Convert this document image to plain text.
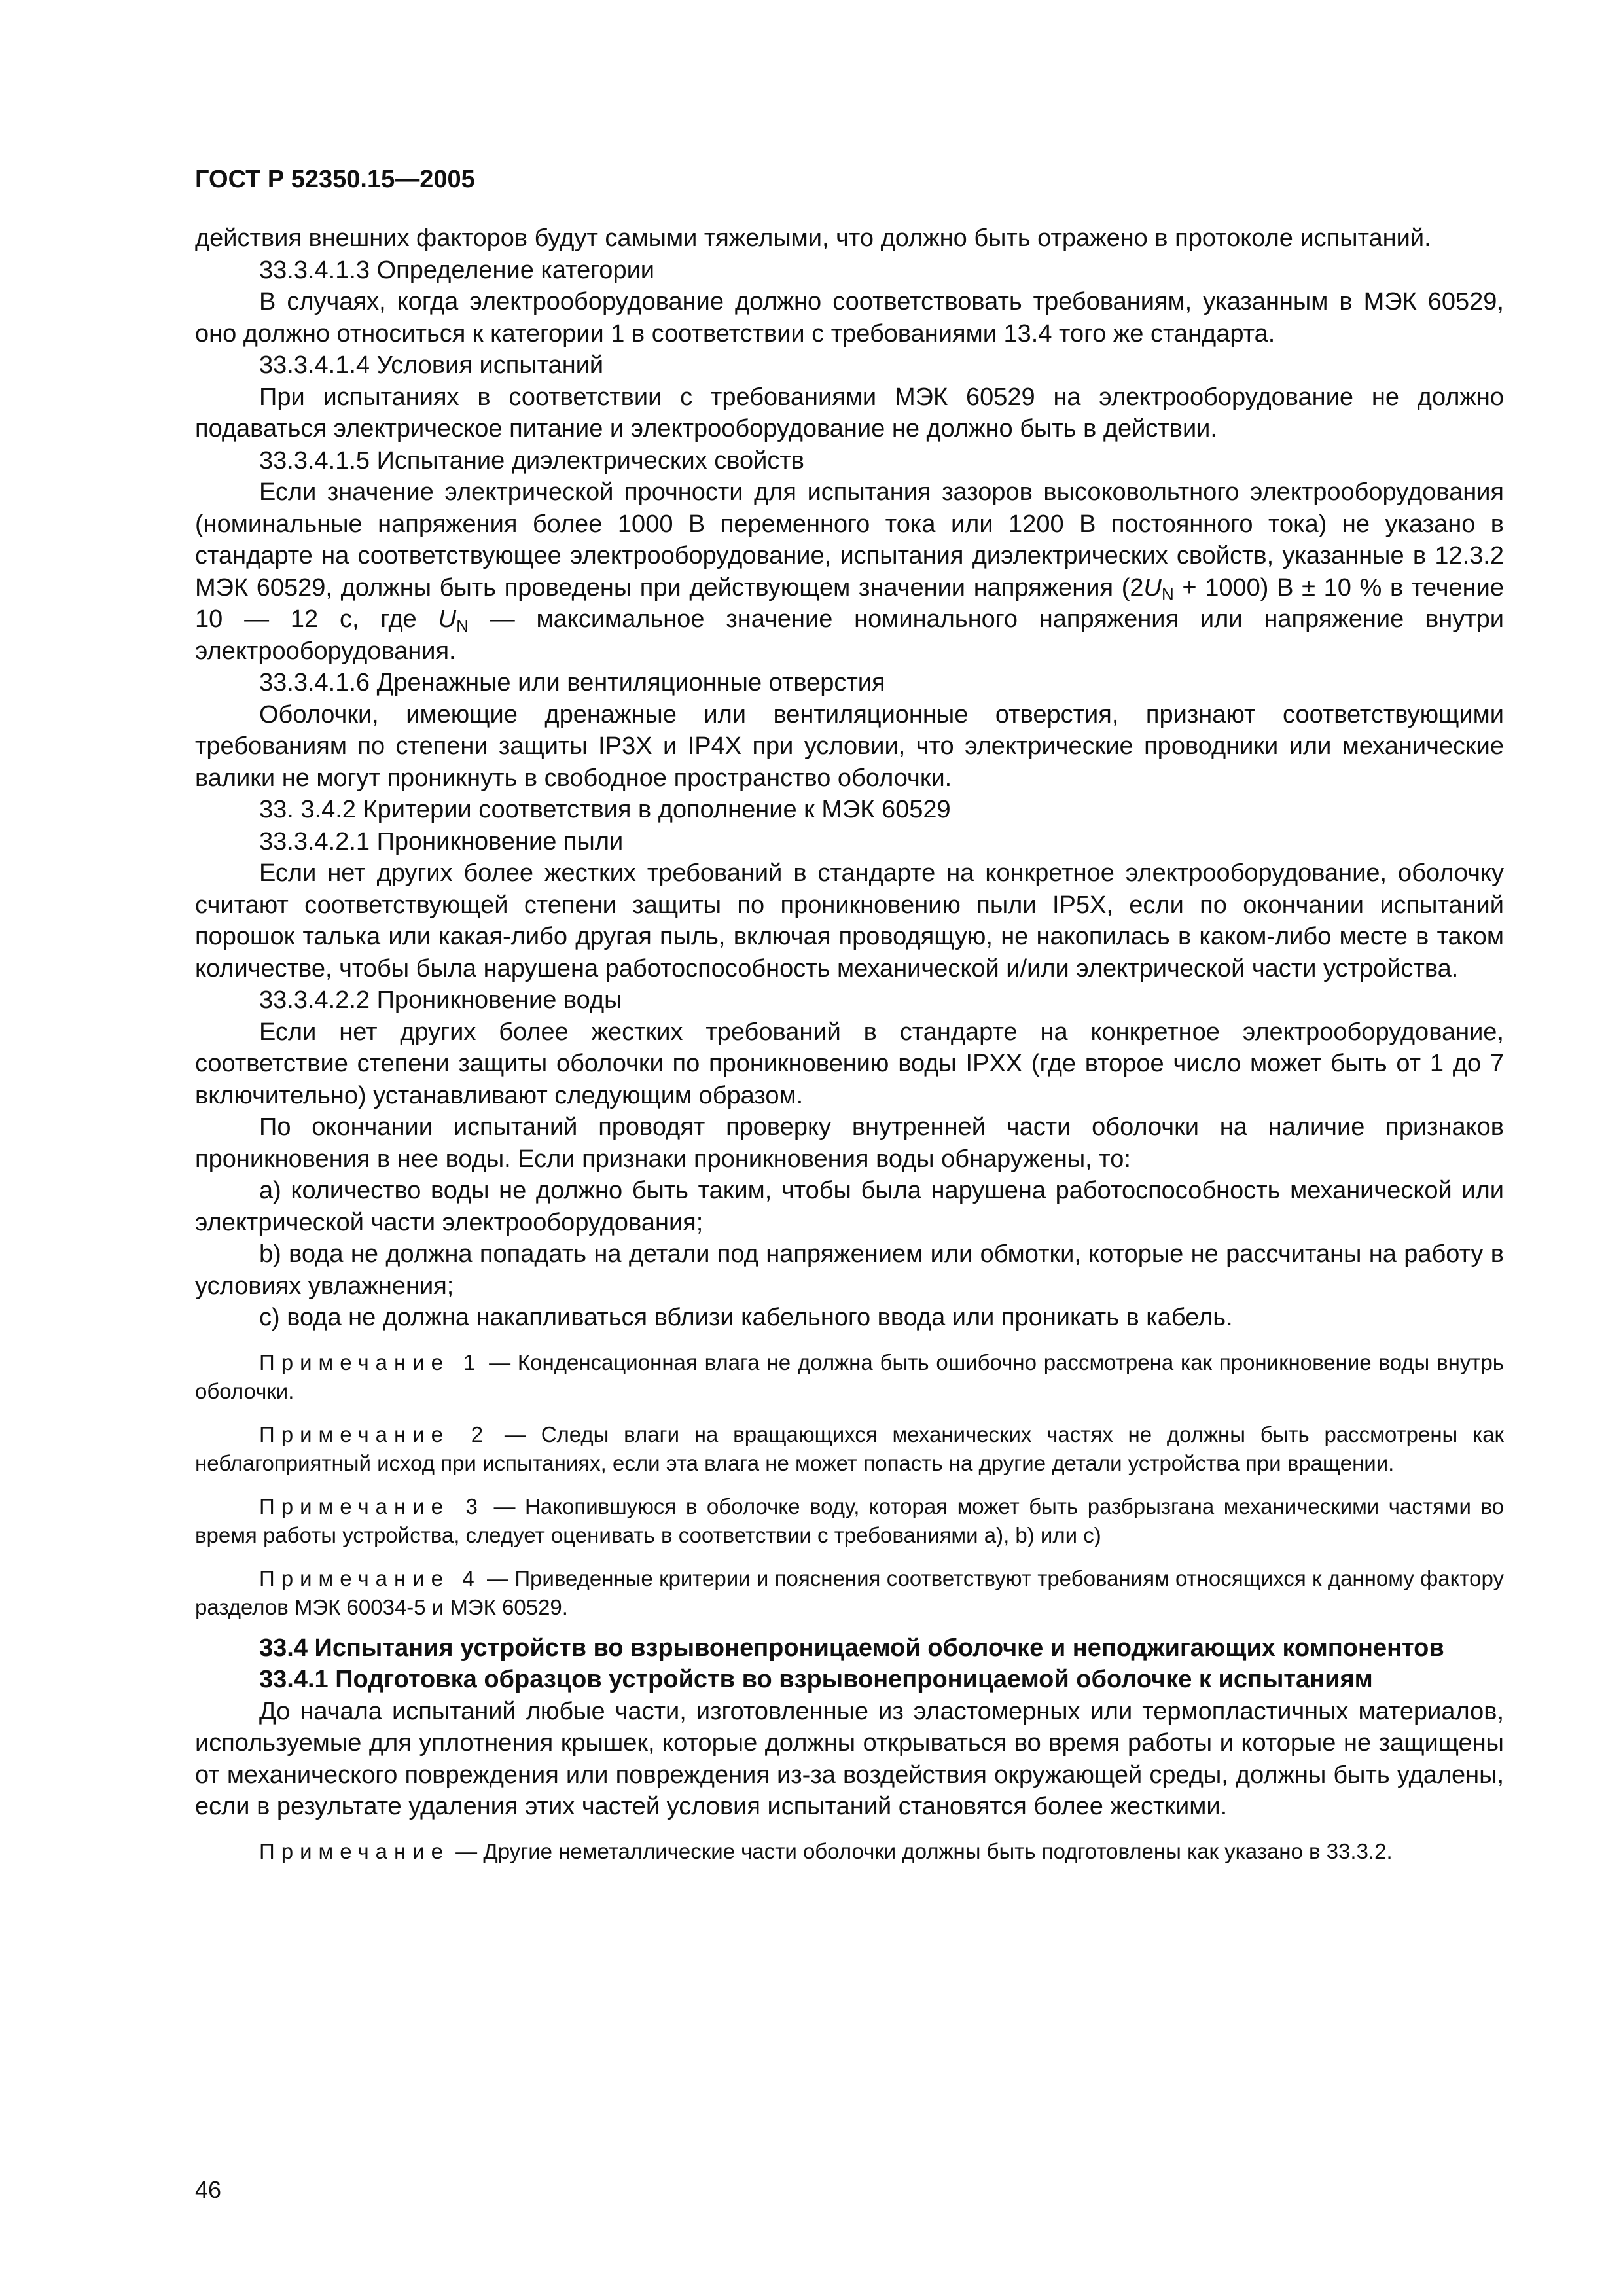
ГОСТ Р 52350.15—2005

действия внешних факторов будут самыми тяжелыми, что должно быть отражено в протоколе испытаний.

33.3.4.1.3 Определение категории

В случаях, когда электрооборудование должно соответствовать требованиям, указанным в МЭК 60529, оно должно относиться к категории 1 в соответствии с требованиями 13.4 того же стандарта.

33.3.4.1.4 Условия испытаний

При испытаниях в соответствии с требованиями МЭК 60529 на электрооборудование не должно подаваться электрическое питание и электрооборудование не должно быть в действии.

33.3.4.1.5 Испытание диэлектрических свойств

Если значение электрической прочности для испытания зазоров высоковольтного электрооборудования (номинальные напряжения более 1000 В переменного тока или 1200 В постоянного тока) не указано в стандарте на соответствующее электрооборудование, испытания диэлектрических свойств, указанные в 12.3.2 МЭК 60529, должны быть проведены при действующем значении напряжения $(2U_N + 1000) В \pm 10$ % в течение 10 — 12 с, где $U_N$ — максимальное значение номинального напряжения или напряжение внутри электрооборудования.

33.3.4.1.6 Дренажные или вентиляционные отверстия

Оболочки, имеющие дренажные или вентиляционные отверстия, признают соответствующими требованиям по степени защиты IP3X и IP4X при условии, что электрические проводники или механические валики не могут проникнуть в свободное пространство оболочки.

33. 3.4.2 Критерии соответствия в дополнение к МЭК 60529

33.3.4.2.1 Проникновение пыли

Если нет других более жестких требований в стандарте на конкретное электрооборудование, оболочку считают соответствующей степени защиты по проникновению пыли IP5X, если по окончании испытаний порошок талька или какая-либо другая пыль, включая проводящую, не накопилась в каком-либо месте в таком количестве, чтобы была нарушена работоспособность механической и/или электрической части устройства.

33.3.4.2.2 Проникновение воды

Если нет других более жестких требований в стандарте на конкретное электрооборудование, соответствие степени защиты оболочки по проникновению воды IPXX (где второе число может быть от 1 до 7 включительно) устанавливают следующим образом.

По окончании испытаний проводят проверку внутренней части оболочки на наличие признаков проникновения в нее воды. Если признаки проникновения воды обнаружены, то:

а) количество воды не должно быть таким, чтобы была нарушена работоспособность механической или электрической части электрооборудования;

b) вода не должна попадать на детали под напряжением или обмотки, которые не рассчитаны на работу в условиях увлажнения;

с) вода не должна накапливаться вблизи кабельного ввода или проникать в кабель.

Примечание 1 — Конденсационная влага не должна быть ошибочно рассмотрена как проникновение воды внутрь оболочки.

Примечание 2 — Следы влаги на вращающихся механических частях не должны быть рассмотрены как неблагоприятный исход при испытаниях, если эта влага не может попасть на другие детали устройства при вращении.

Примечание 3 — Накопившуюся в оболочке воду, которая может быть разбрызгана механическими частями во время работы устройства, следует оценивать в соответствии с требованиями а), b) или с)

Примечание 4 — Приведенные критерии и пояснения соответствуют требованиям относящихся к данному фактору разделов МЭК 60034-5 и МЭК 60529.

33.4 Испытания устройств во взрывонепроницаемой оболочке и неподжигающих компонентов

33.4.1 Подготовка образцов устройств во взрывонепроницаемой оболочке к испытаниям

До начала испытаний любые части, изготовленные из эластомерных или термопластичных материалов, используемые для уплотнения крышек, которые должны открываться во время работы и которые не защищены от механического повреждения или повреждения из-за воздействия окружающей среды, должны быть удалены, если в результате удаления этих частей условия испытаний становятся более жесткими.

Примечание — Другие неметаллические части оболочки должны быть подготовлены как указано в 33.3.2.

46
